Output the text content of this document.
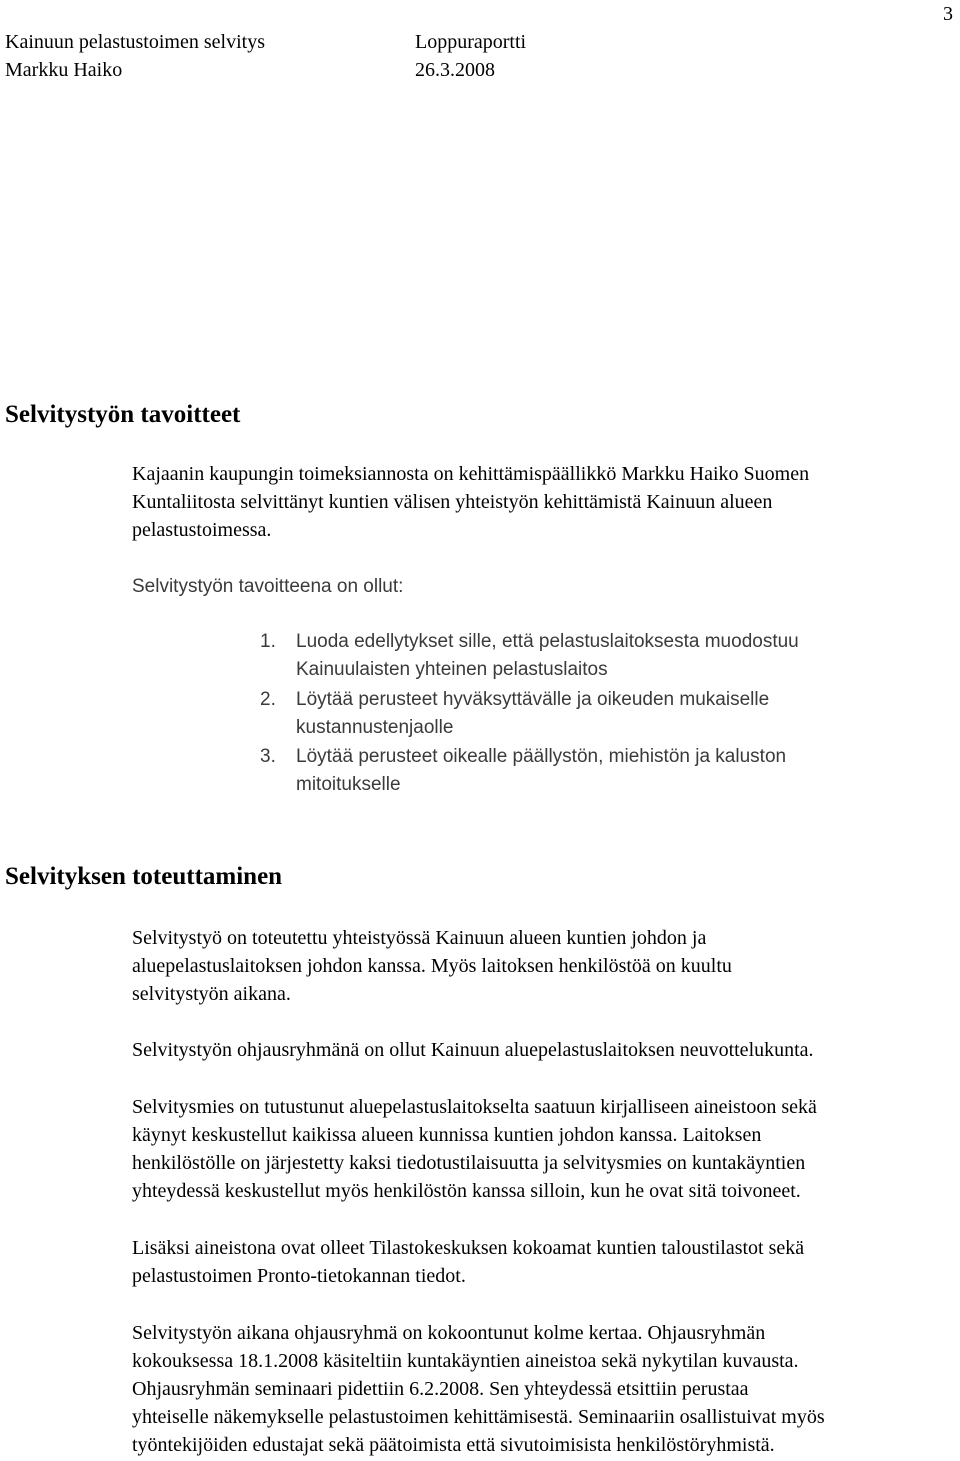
Kainuun pelastustoimen selvitys
Markku Haiko
Loppuraportti
26.3.2008
3
Selvitystyön tavoitteet

Kajaanin kaupungin toimeksiannosta on kehittämispäällikkö Markku Haiko Suomen
Kuntaliitosta selvittänyt kuntien välisen yhteistyön kehittämistä Kainuun alueen
pelastustoimessa.

Selvitystyön tavoitteena on ollut:

1. Luoda edellytykset sille, että pelastuslaitoksesta muodostuu
Kainuulaisten yhteinen pelastuslaitos
2. Löytää perusteet hyväksyttävälle ja oikeuden mukaiselle
kustannustenjaolle
3. Löytää perusteet oikealle päällystön, miehistön ja kaluston
mitoitukselle
Selvityksen toteuttaminen

Selvitystyö on toteutettu yhteistyössä Kainuun alueen kuntien johdon ja
aluepelastuslaitoksen johdon kanssa. Myös laitoksen henkilöstöä on kuultu
selvitystyön aikana.

Selvitystyön ohjausryhmänä on ollut Kainuun aluepelastuslaitoksen neuvottelukunta.

Selvitysmies on tutustunut aluepelastuslaitokselta saatuun kirjalliseen aineistoon sekä
käynyt keskustellut kaikissa alueen kunnissa kuntien johdon kanssa. Laitoksen
henkilöstölle on järjestetty kaksi tiedotustilaisuutta ja selvitysmies on kuntakäyntien
yhteydessä keskustellut myös henkilöstön kanssa silloin, kun he ovat sitä toivoneet.

Lisäksi aineistona ovat olleet Tilastokeskuksen kokoamat kuntien taloustilastot sekä
pelastustoimen Pronto-tietokannan tiedot.

Selvitystyön aikana ohjausryhmä on kokoontunut kolme kertaa. Ohjausryhmän
kokouksessa 18.1.2008 käsiteltiin kuntakäyntien aineistoa sekä nykytilan kuvausta.
Ohjausryhmän seminaari pidettiin 6.2.2008. Sen yhteydessä etsittiin perustaa
yhteiselle näkemykselle pelastustoimen kehittämisestä. Seminaariin osallistuivat myös
työntekijöiden edustajat sekä päätoimista että sivutoimisista henkilöstöryhmistä.
